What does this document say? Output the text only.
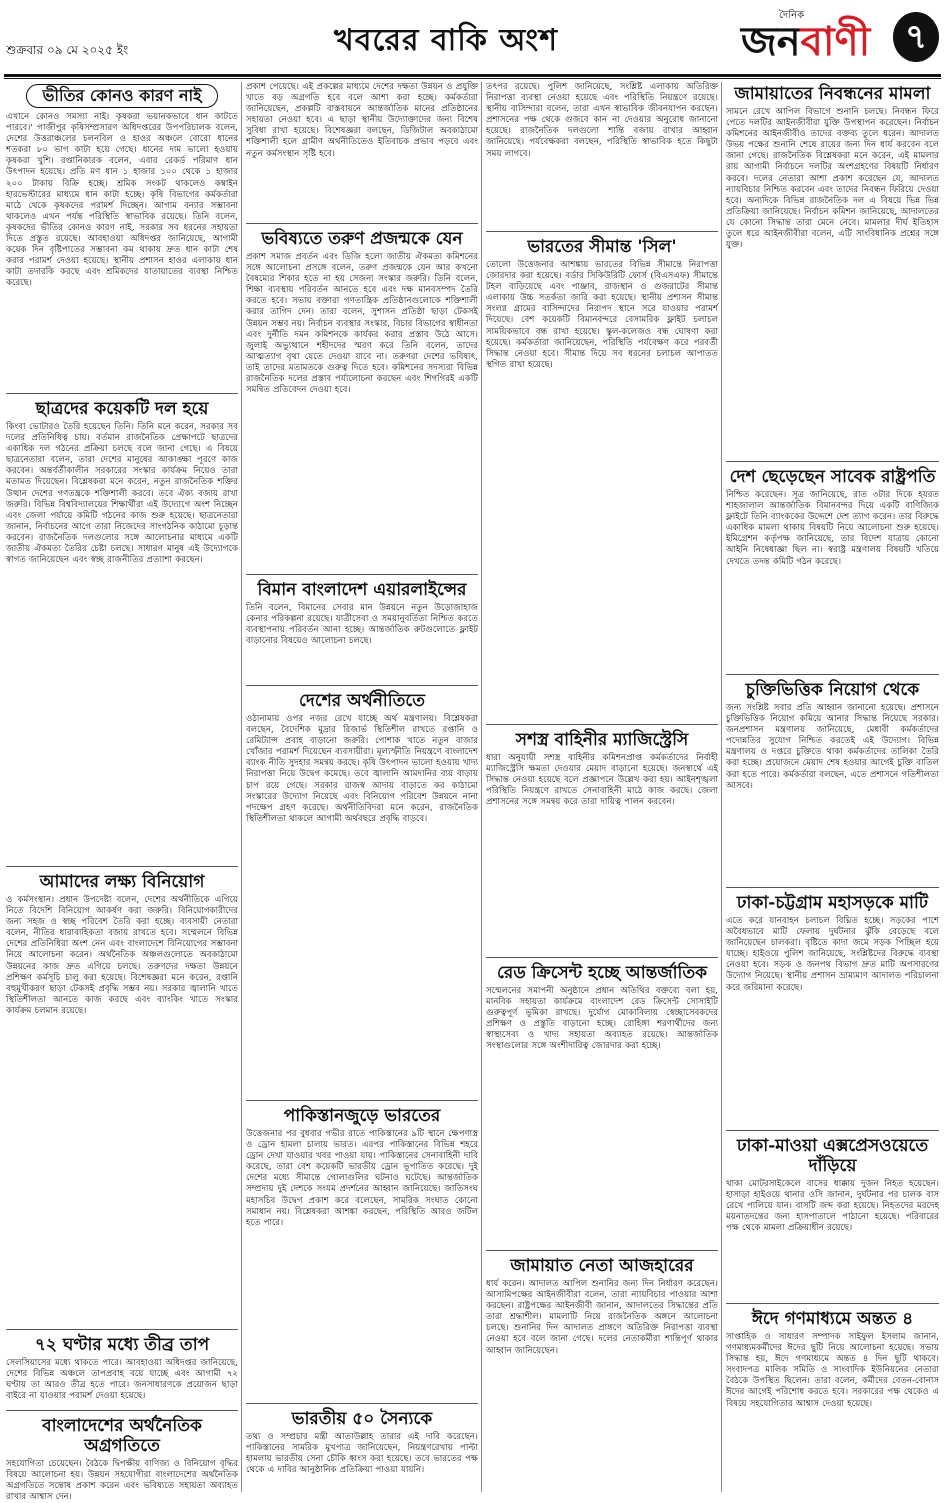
শুক্রবার ০৯ মে ২০২৫ ইং	খবরের বাকি অংশ
দৈনিক
জনবাণী	৭
ভীতির কোনও কারণ নাই
এখানে কোনও সমস্যা নাই। কৃষকরা ভয়ানকভাবে ধান কাটতে পারবে।' গাজীপুর কৃষিসম্প্রসারণ অধিদপ্তরের উপপরিচালক বলেন, দেশের উত্তরাঞ্চলের চলনবিল ও হাওর অঞ্চলে বোরো ধানের শতকরা ৮০ ভাগ কাটা হয়ে গেছে। ধানের দাম ভালো হওয়ায় কৃষকরা খুশি। রপ্তানিকারক বলেন, এবার রেকর্ড পরিমাণ ধান উৎপাদন হয়েছে। প্রতি মণ ধান ১ হাজার ১০০ থেকে ১ হাজার ২০০ টাকায় বিক্রি হচ্ছে। শ্রমিক সংকট থাকলেও কম্বাইন হারভেস্টারের মাধ্যমে ধান কাটা হচ্ছে। কৃষি বিভাগের কর্মকর্তারা মাঠে থেকে কৃষকদের পরামর্শ দিচ্ছেন। আগাম বন্যার সম্ভাবনা থাকলেও এখন পর্যন্ত পরিস্থিতি স্বাভাবিক রয়েছে। তিনি বলেন, কৃষকদের ভীতির কোনও কারণ নাই, সরকার সব ধরনের সহায়তা দিতে প্রস্তুত রয়েছে। আবহাওয়া অধিদপ্তর জানিয়েছে, আগামী কয়েক দিন বৃষ্টিপাতের সম্ভাবনা কম থাকায় দ্রুত ধান কাটা শেষ করার পরামর্শ দেওয়া হয়েছে। স্থানীয় প্রশাসন হাওর এলাকায় ধান কাটা তদারকি করছে এবং শ্রমিকদের যাতায়াতের ব্যবস্থা নিশ্চিত করেছে।
ছাত্রদের কয়েকটি দল হয়ে
কিংবা ভোটারও তৈরি হয়েছেন তিনি। তিনি মনে করেন, সরকার সব দলের প্রতিনিধিত্ব চায়। বর্তমান রাজনৈতিক প্রেক্ষাপটে ছাত্রদের একাধিক দল গঠনের প্রক্রিয়া চলছে বলে জানা গেছে। এ বিষয়ে ছাত্রনেতারা বলেন, তারা দেশের মানুষের আকাঙ্ক্ষা পূরণে কাজ করবেন। অন্তর্বর্তীকালীন সরকারের সংস্কার কার্যক্রম নিয়েও তারা মতামত দিয়েছেন। বিশ্লেষকরা মনে করেন, নতুন রাজনৈতিক শক্তির উত্থান দেশের গণতন্ত্রকে শক্তিশালী করবে। তবে ঐক্য বজায় রাখা জরুরি। বিভিন্ন বিশ্ববিদ্যালয়ের শিক্ষার্থীরা এই উদ্যোগে অংশ নিচ্ছেন এবং জেলা পর্যায়ে কমিটি গঠনের কাজ শুরু হয়েছে। ছাত্রনেতারা জানান, নির্বাচনের আগে তারা নিজেদের সাংগঠনিক কাঠামো চূড়ান্ত করবেন। রাজনৈতিক দলগুলোর সঙ্গে আলোচনার মাধ্যমে একটি জাতীয় ঐকমত্য তৈরির চেষ্টা চলছে। সাধারণ মানুষ এই উদ্যোগকে স্বাগত জানিয়েছেন এবং স্বচ্ছ রাজনীতির প্রত্যাশা করছেন।
আমাদের লক্ষ্য বিনিয়োগ
ও কর্মসংস্থান। প্রধান উপদেষ্টা বলেন, দেশের অর্থনীতিকে এগিয়ে নিতে বিদেশি বিনিয়োগ আকর্ষণ করা জরুরি। বিনিয়োগকারীদের জন্য সহজ ও স্বচ্ছ পরিবেশ তৈরি করা হচ্ছে। ব্যবসায়ী নেতারা বলেন, নীতির ধারাবাহিকতা বজায় রাখতে হবে। সম্মেলনে বিভিন্ন দেশের প্রতিনিধিরা অংশ নেন এবং বাংলাদেশে বিনিয়োগের সম্ভাবনা নিয়ে আলোচনা করেন। অর্থনৈতিক অঞ্চলগুলোতে অবকাঠামো উন্নয়নের কাজ দ্রুত এগিয়ে চলছে। তরুণদের দক্ষতা উন্নয়নে প্রশিক্ষণ কর্মসূচি চালু করা হয়েছে। বিশেষজ্ঞরা মনে করেন, রপ্তানি বহুমুখীকরণ ছাড়া টেকসই প্রবৃদ্ধি সম্ভব নয়। সরকার জ্বালানি খাতে স্থিতিশীলতা আনতে কাজ করছে এবং ব্যাংকিং খাতে সংস্কার কার্যক্রম চলমান রয়েছে।
৭২ ঘণ্টার মধ্যে তীব্র তাপ
সেলসিয়াসের মধ্যে থাকতে পারে। আবহাওয়া অধিদপ্তর জানিয়েছে, দেশের বিভিন্ন অঞ্চলে তাপপ্রবাহ বয়ে যাচ্ছে এবং আগামী ৭২ ঘণ্টায় তা আরও তীব্র হতে পারে। জনসাধারণকে প্রয়োজন ছাড়া বাইরে না যাওয়ার পরামর্শ দেওয়া হয়েছে।
বাংলাদেশের অর্থনৈতিক অগ্রগতিতে
সহযোগিতা চেয়েছেন। বৈঠকে দ্বিপক্ষীয় বাণিজ্য ও বিনিয়োগ বৃদ্ধির বিষয়ে আলোচনা হয়। উন্নয়ন সহযোগীরা বাংলাদেশের অর্থনৈতিক অগ্রগতিতে সন্তোষ প্রকাশ করেন এবং ভবিষ্যতে সহায়তা অব্যাহত রাখার আশ্বাস দেন।
প্রকাশ পেয়েছে। এই প্রকল্পের মাধ্যমে দেশের দক্ষতা উন্নয়ন ও প্রযুক্তি খাতে বড় অগ্রগতি হবে বলে আশা করা হচ্ছে। কর্মকর্তারা জানিয়েছেন, প্রকল্পটি বাস্তবায়নে আন্তর্জাতিক মানের প্রতিষ্ঠানের সহায়তা নেওয়া হবে। এ ছাড়া স্থানীয় উদ্যোক্তাদের জন্য বিশেষ সুবিধা রাখা হয়েছে। বিশেষজ্ঞরা বলছেন, ডিজিটাল অবকাঠামো শক্তিশালী হলে গ্রামীণ অর্থনীতিতেও ইতিবাচক প্রভাব পড়বে এবং নতুন কর্মসংস্থান সৃষ্টি হবে।
ভবিষ্যতে তরুণ প্রজন্মকে যেন
প্রকাশ সমাজ প্রবর্তন এবং ডিজি হলো জাতীয় ঐকমত্য কমিশনের সঙ্গে আলোচনা প্রসঙ্গে বলেন, তরুণ প্রজন্মকে যেন আর কখনো বৈষম্যের শিকার হতে না হয় সেজন্য সংস্কার জরুরি। তিনি বলেন, শিক্ষা ব্যবস্থায় পরিবর্তন আনতে হবে এবং দক্ষ মানবসম্পদ তৈরি করতে হবে। সভায় বক্তারা গণতান্ত্রিক প্রতিষ্ঠানগুলোকে শক্তিশালী করার তাগিদ দেন। তারা বলেন, সুশাসন প্রতিষ্ঠা ছাড়া টেকসই উন্নয়ন সম্ভব নয়। নির্বাচন ব্যবস্থার সংস্কার, বিচার বিভাগের স্বাধীনতা এবং দুর্নীতি দমন কমিশনকে কার্যকর করার প্রস্তাব উঠে আসে। জুলাই অভ্যুত্থানে শহীদদের স্মরণ করে তিনি বলেন, তাদের আত্মত্যাগ বৃথা যেতে দেওয়া যাবে না। তরুণরা দেশের ভবিষ্যৎ, তাই তাদের মতামতকে গুরুত্ব দিতে হবে। কমিশনের সদস্যরা বিভিন্ন রাজনৈতিক দলের প্রস্তাব পর্যালোচনা করছেন এবং শিগগিরই একটি সমন্বিত প্রতিবেদন দেওয়া হবে।
বিমান বাংলাদেশ এয়ারলাইন্সের
তিনি বলেন, বিমানের সেবার মান উন্নয়নে নতুন উড়োজাহাজ কেনার পরিকল্পনা রয়েছে। যাত্রীসেবা ও সময়ানুবর্তিতা নিশ্চিত করতে ব্যবস্থাপনায় পরিবর্তন আনা হচ্ছে। আন্তর্জাতিক রুটগুলোতে ফ্লাইট বাড়ানোর বিষয়েও আলোচনা চলছে।
দেশের অর্থনীতিতে
ওঠানামায় ওপর নজর রেখে যাচ্ছে অর্থ মন্ত্রণালয়। বিশ্লেষকরা বলছেন, বৈদেশিক মুদ্রার রিজার্ভ স্থিতিশীল রাখতে রপ্তানি ও রেমিট্যান্স প্রবাহ বাড়ানো জরুরি। পোশাক খাতে নতুন বাজার খোঁজার পরামর্শ দিয়েছেন ব্যবসায়ীরা। মূল্যস্ফীতি নিয়ন্ত্রণে বাংলাদেশ ব্যাংক নীতি সুদহার সমন্বয় করছে। কৃষি উৎপাদন ভালো হওয়ায় খাদ্য নিরাপত্তা নিয়ে উদ্বেগ কমেছে। তবে জ্বালানি আমদানির ব্যয় বাড়ায় চাপ রয়ে গেছে। সরকার রাজস্ব আদায় বাড়াতে কর কাঠামো সংস্কারের উদ্যোগ নিয়েছে এবং বিনিয়োগ পরিবেশ উন্নয়নে নানা পদক্ষেপ গ্রহণ করেছে। অর্থনীতিবিদরা মনে করেন, রাজনৈতিক স্থিতিশীলতা থাকলে আগামী অর্থবছরে প্রবৃদ্ধি বাড়বে।
পাকিস্তানজুড়ে ভারতের
উত্তেজনার পর বুধবার গভীর রাতে পাকিস্তানের ৯টি স্থানে ক্ষেপণাস্ত্র ও ড্রোন হামলা চালায় ভারত। এরপর পাকিস্তানের বিভিন্ন শহরে ড্রোন দেখা যাওয়ার খবর পাওয়া যায়। পাকিস্তানের সেনাবাহিনী দাবি করেছে, তারা বেশ কয়েকটি ভারতীয় ড্রোন ভূপাতিত করেছে। দুই দেশের মধ্যে সীমান্তে গোলাগুলির ঘটনাও ঘটেছে। আন্তর্জাতিক সম্প্রদায় দুই দেশকে সংযম প্রদর্শনের আহ্বান জানিয়েছে। জাতিসংঘ মহাসচিব উদ্বেগ প্রকাশ করে বলেছেন, সামরিক সংঘাত কোনো সমাধান নয়। বিশ্লেষকরা আশঙ্কা করছেন, পরিস্থিতি আরও জটিল হতে পারে।
ভারতীয় ৫০ সৈন্যকে
তথ্য ও সম্প্রচার মন্ত্রী আতাউল্লাহ তারার এই দাবি করেছেন। পাকিস্তানের সামরিক মুখপাত্র জানিয়েছেন, নিয়ন্ত্রণরেখায় পাল্টা হামলায় ভারতীয় সেনা চৌকি ধ্বংস করা হয়েছে। তবে ভারতের পক্ষ থেকে এ দাবির আনুষ্ঠানিক প্রতিক্রিয়া পাওয়া যায়নি।
তৎপর রয়েছে। পুলিশ জানিয়েছে, সংশ্লিষ্ট এলাকায় অতিরিক্ত নিরাপত্তা ব্যবস্থা নেওয়া হয়েছে এবং পরিস্থিতি নিয়ন্ত্রণে রয়েছে। স্থানীয় বাসিন্দারা বলেন, তারা এখন স্বাভাবিক জীবনযাপন করছেন। প্রশাসনের পক্ষ থেকে গুজবে কান না দেওয়ার অনুরোধ জানানো হয়েছে। রাজনৈতিক দলগুলো শান্তি বজায় রাখার আহ্বান জানিয়েছে। পর্যবেক্ষকরা বলছেন, পরিস্থিতি স্বাভাবিক হতে কিছুটা সময় লাগবে।
ভারতের সীমান্ত 'সিল'
তোলো উত্তেজনার আশঙ্কায় ভারতের বিভিন্ন সীমান্তে নিরাপত্তা জোরদার করা হয়েছে। বর্ডার সিকিউরিটি ফোর্স (বিএসএফ) সীমান্তে টহল বাড়িয়েছে এবং পাঞ্জাব, রাজস্থান ও গুজরাটের সীমান্ত এলাকায় উচ্চ সতর্কতা জারি করা হয়েছে। স্থানীয় প্রশাসন সীমান্ত সংলগ্ন গ্রামের বাসিন্দাদের নিরাপদ স্থানে সরে যাওয়ার পরামর্শ দিয়েছে। বেশ কয়েকটি বিমানবন্দরে বেসামরিক ফ্লাইট চলাচল সাময়িকভাবে বন্ধ রাখা হয়েছে। স্কুল-কলেজও বন্ধ ঘোষণা করা হয়েছে। কর্মকর্তারা জানিয়েছেন, পরিস্থিতি পর্যবেক্ষণ করে পরবর্তী সিদ্ধান্ত নেওয়া হবে। সীমান্ত দিয়ে সব ধরনের চলাচল আপাতত স্থগিত রাখা হয়েছে।
সশস্ত্র বাহিনীর ম্যাজিস্ট্রেসি
ধারা অনুযায়ী সশস্ত্র বাহিনীর কমিশনপ্রাপ্ত কর্মকর্তাদের নির্বাহী ম্যাজিস্ট্রেসি ক্ষমতা দেওয়ার মেয়াদ বাড়ানো হয়েছে। জনস্বার্থে এই সিদ্ধান্ত নেওয়া হয়েছে বলে প্রজ্ঞাপনে উল্লেখ করা হয়। আইনশৃঙ্খলা পরিস্থিতি নিয়ন্ত্রণে রাখতে সেনাবাহিনী মাঠে কাজ করছে। জেলা প্রশাসনের সঙ্গে সমন্বয় করে তারা দায়িত্ব পালন করবেন।
রেড ক্রিসেন্ট হচ্ছে আন্তর্জাতিক
সম্মেলনের সমাপনী অনুষ্ঠানে প্রধান অতিথির বক্তব্যে বলা হয়, মানবিক সহায়তা কার্যক্রমে বাংলাদেশ রেড ক্রিসেন্ট সোসাইটি গুরুত্বপূর্ণ ভূমিকা রাখছে। দুর্যোগ মোকাবিলায় স্বেচ্ছাসেবকদের প্রশিক্ষণ ও প্রস্তুতি বাড়ানো হচ্ছে। রোহিঙ্গা শরণার্থীদের জন্য স্বাস্থ্যসেবা ও খাদ্য সহায়তা অব্যাহত রয়েছে। আন্তর্জাতিক সংস্থাগুলোর সঙ্গে অংশীদারিত্ব জোরদার করা হচ্ছে।
জামায়াত নেতা আজহারের
ধার্য করেন। আদালত আপিল শুনানির জন্য দিন নির্ধারণ করেছেন। আসামিপক্ষের আইনজীবীরা বলেন, তারা ন্যায়বিচার পাওয়ার আশা করছেন। রাষ্ট্রপক্ষের আইনজীবী জানান, আদালতের সিদ্ধান্তের প্রতি তারা শ্রদ্ধাশীল। মামলাটি নিয়ে রাজনৈতিক অঙ্গনে আলোচনা চলছে। শুনানির দিন আদালত প্রাঙ্গণে অতিরিক্ত নিরাপত্তা ব্যবস্থা নেওয়া হবে বলে জানা গেছে। দলের নেতাকর্মীরা শান্তিপূর্ণ থাকার আহ্বান জানিয়েছেন।
জামায়াতের নিবন্ধনের মামলা
সামনে রেখে আপিল বিভাগে শুনানি চলছে। নিবন্ধন ফিরে পেতে দলটির আইনজীবীরা যুক্তি উপস্থাপন করেছেন। নির্বাচন কমিশনের আইনজীবীও তাদের বক্তব্য তুলে ধরেন। আদালত উভয় পক্ষের শুনানি শেষে রায়ের জন্য দিন ধার্য করবেন বলে জানা গেছে। রাজনৈতিক বিশ্লেষকরা মনে করেন, এই মামলার রায় আগামী নির্বাচনে দলটির অংশগ্রহণের বিষয়টি নির্ধারণ করবে। দলের নেতারা আশা প্রকাশ করেছেন যে, আদালত ন্যায়বিচার নিশ্চিত করবেন এবং তাদের নিবন্ধন ফিরিয়ে দেওয়া হবে। অন্যদিকে বিভিন্ন রাজনৈতিক দল এ বিষয়ে ভিন্ন ভিন্ন প্রতিক্রিয়া জানিয়েছে। নির্বাচন কমিশন জানিয়েছে, আদালতের যে কোনো সিদ্ধান্ত তারা মেনে নেবে। মামলার দীর্ঘ ইতিহাস তুলে ধরে আইনজীবীরা বলেন, এটি সাংবিধানিক প্রশ্নের সঙ্গে যুক্ত।
দেশ ছেড়েছেন সাবেক রাষ্ট্রপতি
নিশ্চিত করেছেন। সূত্র জানিয়েছে, রাত ৩টার দিকে হযরত শাহজালাল আন্তর্জাতিক বিমানবন্দর দিয়ে একটি বাণিজ্যিক ফ্লাইটে তিনি ব্যাংককের উদ্দেশে দেশ ত্যাগ করেন। তার বিরুদ্ধে একাধিক মামলা থাকায় বিষয়টি নিয়ে আলোচনা শুরু হয়েছে। ইমিগ্রেশন কর্তৃপক্ষ জানিয়েছে, তার বিদেশ যাত্রায় কোনো আইনি নিষেধাজ্ঞা ছিল না। স্বরাষ্ট্র মন্ত্রণালয় বিষয়টি খতিয়ে দেখতে তদন্ত কমিটি গঠন করেছে।
চুক্তিভিত্তিক নিয়োগ থেকে
জন্য সংশ্লিষ্ট সবার প্রতি আহ্বান জানানো হয়েছে। প্রশাসনে চুক্তিভিত্তিক নিয়োগ কমিয়ে আনার সিদ্ধান্ত নিয়েছে সরকার। জনপ্রশাসন মন্ত্রণালয় জানিয়েছে, মেধাবী কর্মকর্তাদের পদোন্নতির সুযোগ নিশ্চিত করতেই এই উদ্যোগ। বিভিন্ন মন্ত্রণালয় ও দপ্তরে চুক্তিতে থাকা কর্মকর্তাদের তালিকা তৈরি করা হচ্ছে। প্রয়োজনে মেয়াদ শেষ হওয়ার আগেই চুক্তি বাতিল করা হতে পারে। কর্মকর্তারা বলছেন, এতে প্রশাসনে গতিশীলতা আসবে।
ঢাকা-চট্টগ্রাম মহাসড়কে মাটি
এতে করে যানবাহন চলাচল বিঘ্নিত হচ্ছে। সড়কের পাশে অবৈধভাবে মাটি ফেলায় দুর্ঘটনার ঝুঁকি বেড়েছে বলে জানিয়েছেন চালকরা। বৃষ্টিতে কাদা জমে সড়ক পিচ্ছিল হয়ে যাচ্ছে। হাইওয়ে পুলিশ জানিয়েছে, সংশ্লিষ্টদের বিরুদ্ধে ব্যবস্থা নেওয়া হবে। সড়ক ও জনপথ বিভাগ দ্রুত মাটি অপসারণের উদ্যোগ নিয়েছে। স্থানীয় প্রশাসন ভ্রাম্যমাণ আদালত পরিচালনা করে জরিমানা করেছে।
ঢাকা-মাওয়া এক্সপ্রেসওয়েতে দাঁড়িয়ে
থাকা মোটরসাইকেলে বাসের ধাক্কায় দুজন নিহত হয়েছেন। হাসাড়া হাইওয়ে থানার ওসি জানান, দুর্ঘটনার পর চালক বাস রেখে পালিয়ে যান। বাসটি জব্দ করা হয়েছে। নিহতদের মরদেহ ময়নাতদন্তের জন্য হাসপাতালে পাঠানো হয়েছে। পরিবারের পক্ষ থেকে মামলা প্রক্রিয়াধীন রয়েছে।
ঈদে গণমাধ্যমে অন্তত ৪
সাপ্তাহিক ও সাধারণ সম্পাদক সাইফুল ইসলাম জানান, গণমাধ্যমকর্মীদের ঈদের ছুটি নিয়ে আলোচনা হয়েছে। সভায় সিদ্ধান্ত হয়, ঈদে গণমাধ্যমে অন্তত ৪ দিন ছুটি থাকবে। সংবাদপত্র মালিক সমিতি ও সাংবাদিক ইউনিয়নের নেতারা বৈঠকে উপস্থিত ছিলেন। তারা বলেন, কর্মীদের বেতন-বোনাস ঈদের আগেই পরিশোধ করতে হবে। সরকারের পক্ষ থেকেও এ বিষয়ে সহযোগিতার আশ্বাস দেওয়া হয়েছে।
